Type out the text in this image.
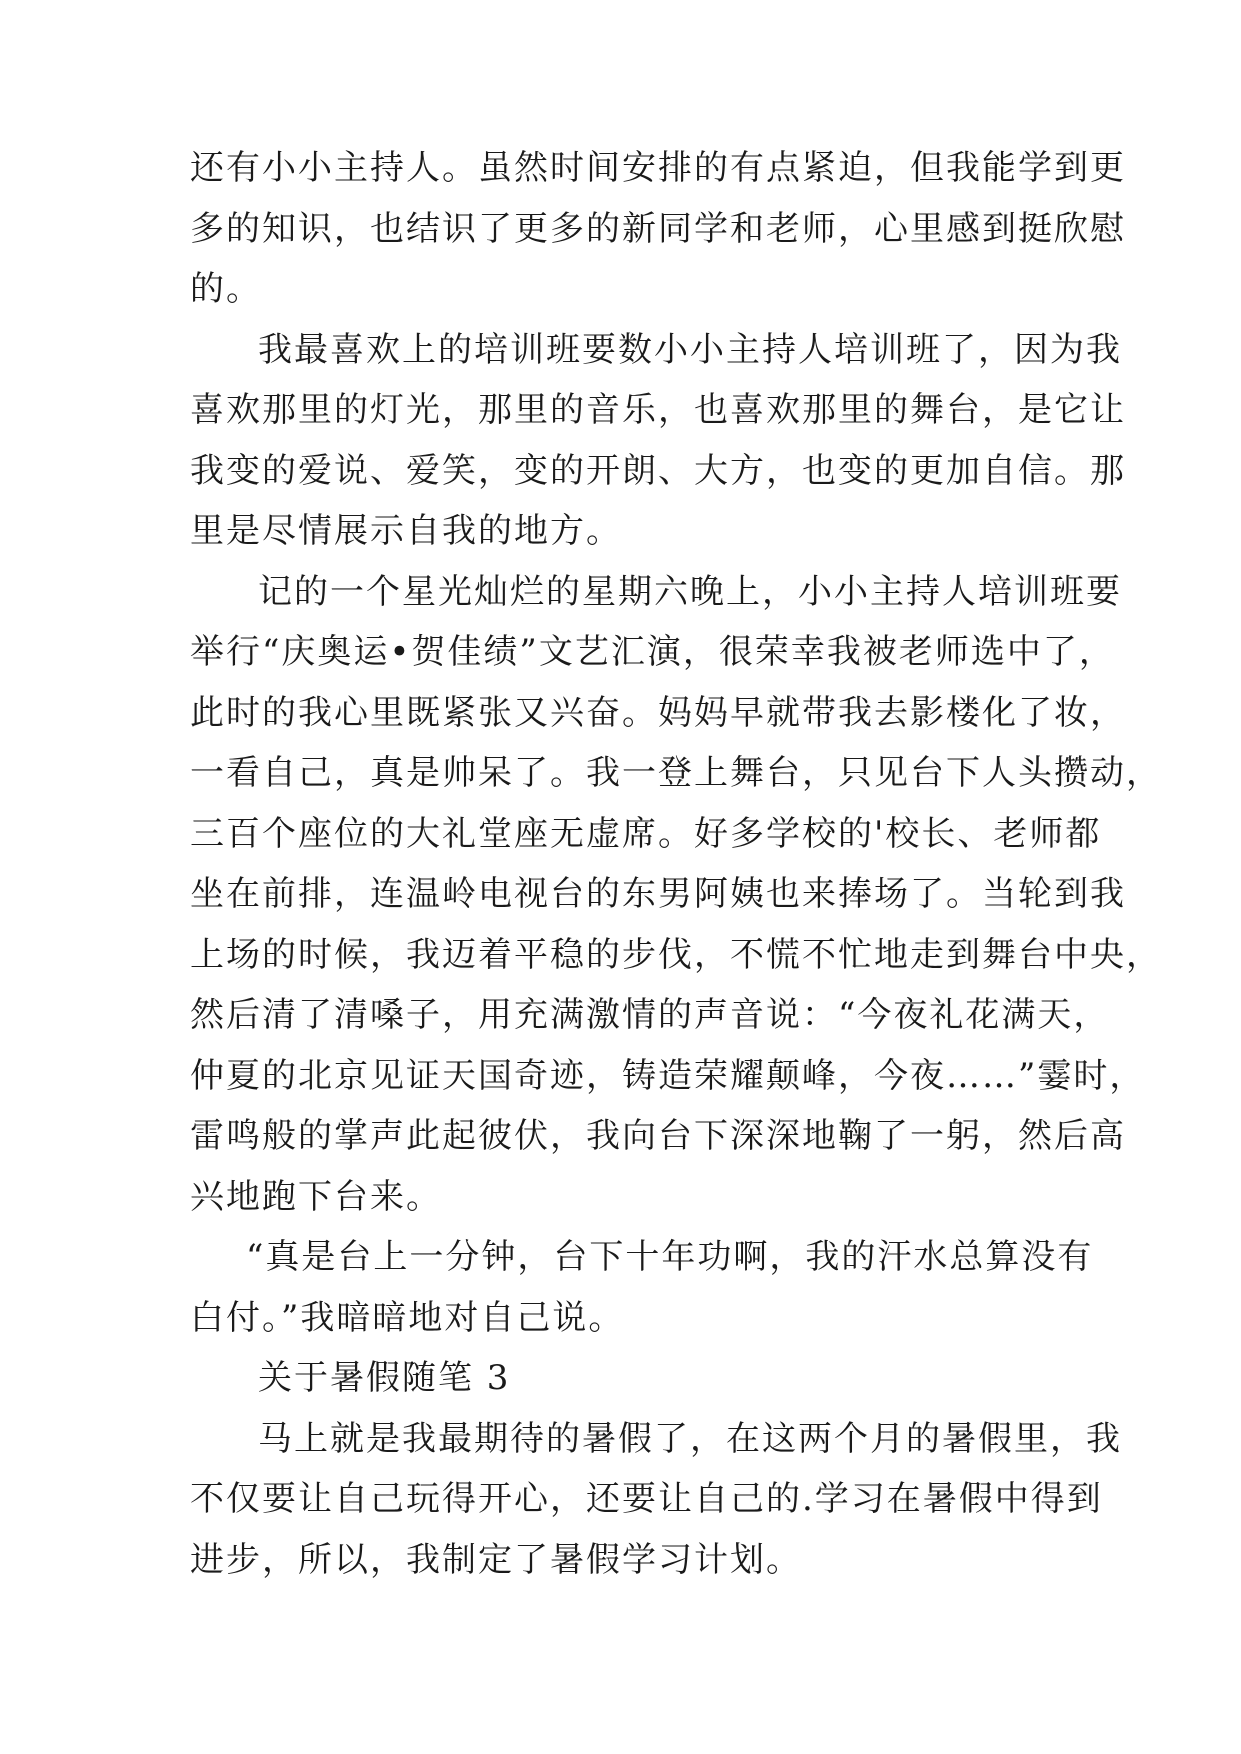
还有小小主持人。虽然时间安排的有点紧迫，但我能学到更
多的知识，也结识了更多的新同学和老师，心里感到挺欣慰
的。
我最喜欢上的培训班要数小小主持人培训班了，因为我
喜欢那里的灯光，那里的音乐，也喜欢那里的舞台，是它让
我变的爱说、爱笑，变的开朗、大方，也变的更加自信。那
里是尽情展示自我的地方。
记的一个星光灿烂的星期六晚上，小小主持人培训班要
举行“庆奥运•贺佳绩”文艺汇演，很荣幸我被老师选中了，
此时的我心里既紧张又兴奋。妈妈早就带我去影楼化了妆，
一看自己，真是帅呆了。我一登上舞台，只见台下人头攒动，
三百个座位的大礼堂座无虚席。好多学校的'校长、老师都
坐在前排，连温岭电视台的东男阿姨也来捧场了。当轮到我
上场的时候，我迈着平稳的步伐，不慌不忙地走到舞台中央，
然后清了清嗓子，用充满激情的声音说：“今夜礼花满天，
仲夏的北京见证天国奇迹，铸造荣耀颠峰，今夜……”霎时，
雷鸣般的掌声此起彼伏，我向台下深深地鞠了一躬，然后高
兴地跑下台来。
“真是台上一分钟，台下十年功啊，我的汗水总算没有
白付。”我暗暗地对自己说。
关于暑假随笔 3
马上就是我最期待的暑假了，在这两个月的暑假里，我
不仅要让自己玩得开心，还要让自己的.学习在暑假中得到
进步，所以，我制定了暑假学习计划。
